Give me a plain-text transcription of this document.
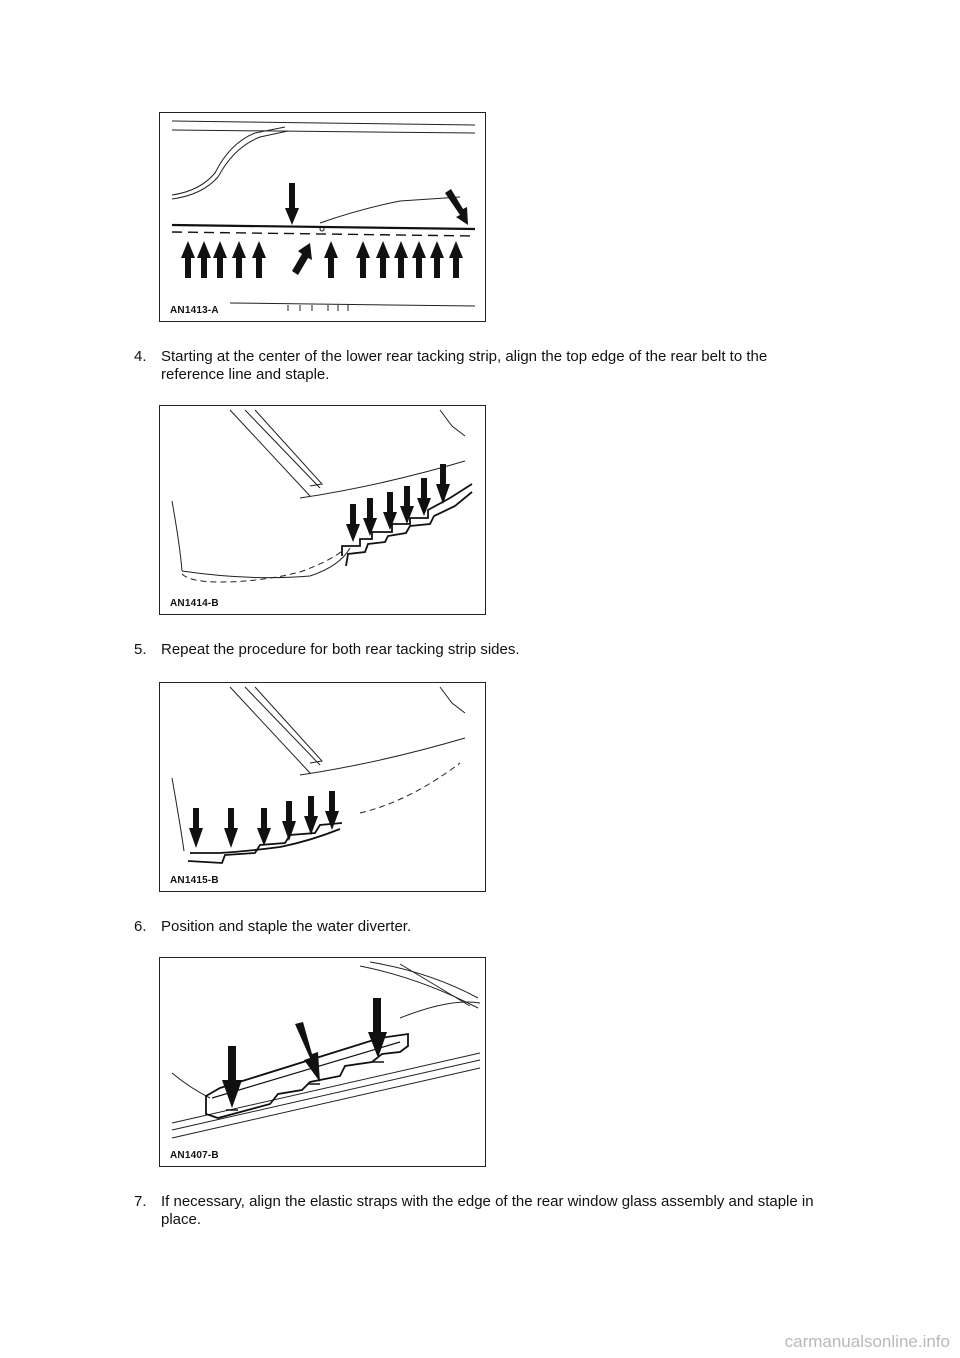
AN1413-A
4. Starting at the center of the lower rear tacking strip, align the top edge of the rear belt to the reference line and staple.
AN1414-B
5. Repeat the procedure for both rear tacking strip sides.
AN1415-B
6. Position and staple the water diverter.
AN1407-B
7. If necessary, align the elastic straps with the edge of the rear window glass assembly and staple in place.
carmanualsonline.info
